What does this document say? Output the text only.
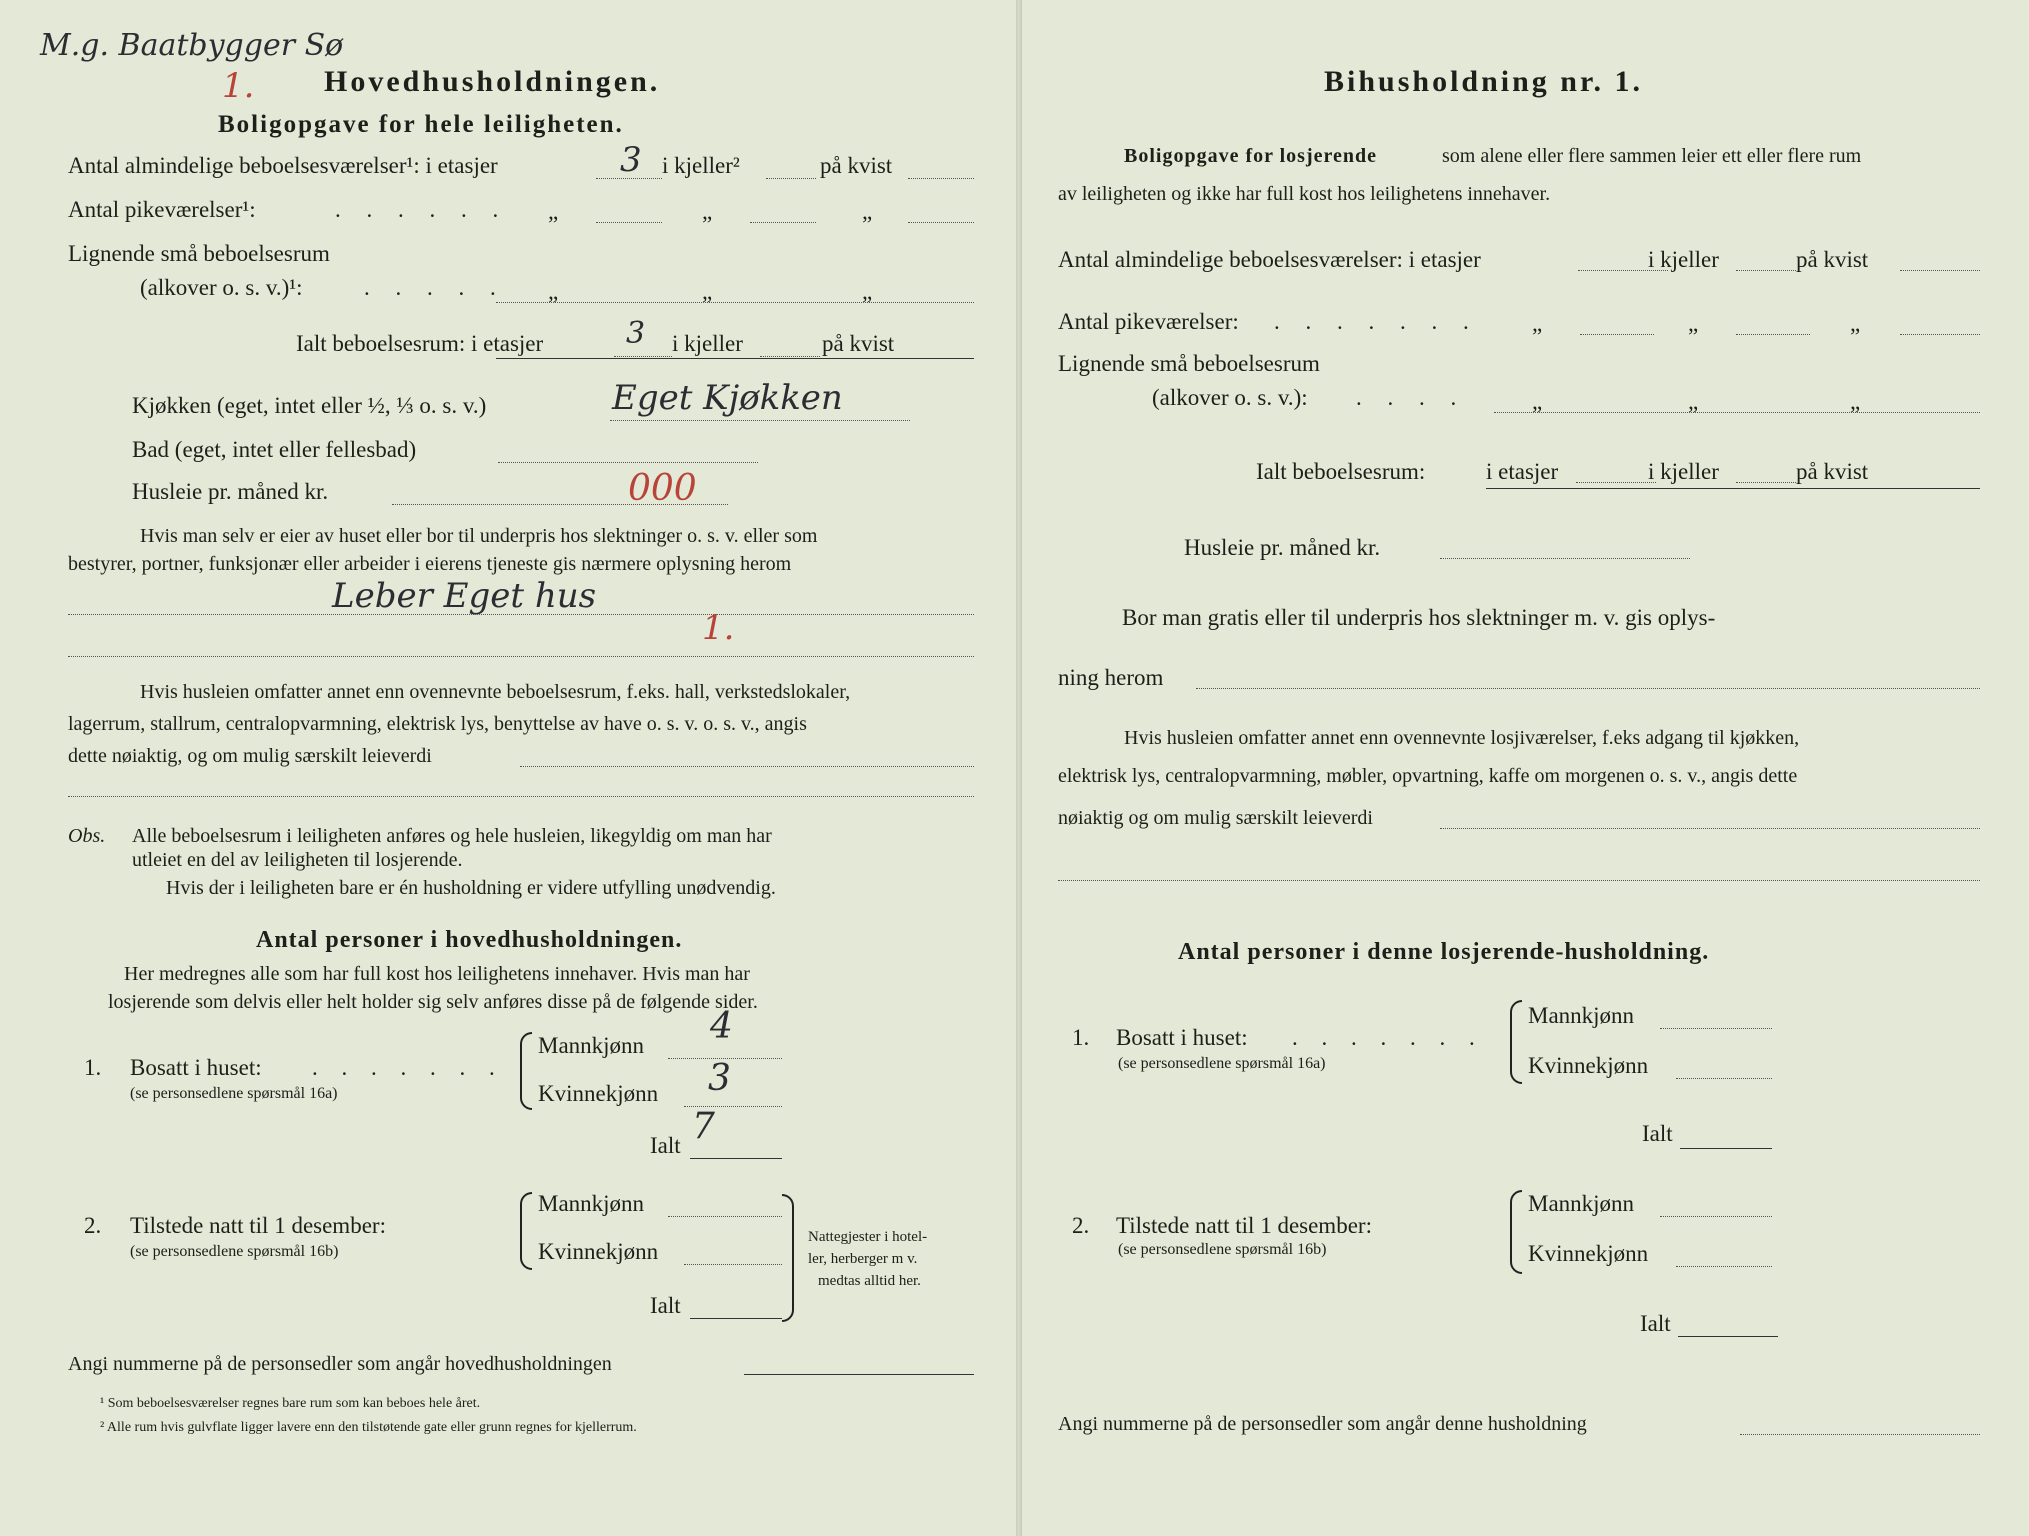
M.g. Baatbygger Sø
1. Hovedhusholdningen.
Boligopgave for hele leiligheten.
Antal almindelige beboelsesværelser¹: i etasjer	3 i kjeller²	på kvist
Antal pikeværelser¹:	. . . . . . „	„	„
Lignende små beboelsesrum
(alkover o. s. v.)¹:	. . . . . „	„	„
Ialt beboelsesrum: i etasjer	3 i kjeller	på kvist
Kjøkken (eget, intet eller ½, ⅓ o. s. v.)	Eget Kjøkken
Bad (eget, intet eller fellesbad)
Husleie pr. måned kr.	000
Hvis man selv er eier av huset eller bor til underpris hos slektninger o. s. v. eller som
bestyrer, portner, funksjonær eller arbeider i eierens tjeneste gis nærmere oplysning herom
Leber Eget hus
1.
Hvis husleien omfatter annet enn ovennevnte beboelsesrum, f.eks. hall, verkstedslokaler,
lagerrum, stallrum, centralopvarmning, elektrisk lys, benyttelse av have o. s. v. o. s. v., angis
dette nøiaktig, og om mulig særskilt leieverdi
Obs. Alle beboelsesrum i leiligheten anføres og hele husleien, likegyldig om man har
utleiet en del av leiligheten til losjerende.
Hvis der i leiligheten bare er én husholdning er videre utfylling unødvendig.
Antal personer i hovedhusholdningen.
Her medregnes alle som har full kost hos leilighetens innehaver. Hvis man har
losjerende som delvis eller helt holder sig selv anføres disse på de følgende sider.
1. Bosatt i huset: . . . . . . .
(se personsedlene spørsmål 16a)
Mannkjønn 4
Kvinnekjønn 3
Ialt 7
2. Tilstede natt til 1 desember:
(se personsedlene spørsmål 16b)
Mannkjønn
Kvinnekjønn
Ialt
Nattegjester i hotel-
ler, herberger m v.
medtas alltid her.
Angi nummerne på de personsedler som angår hovedhusholdningen
¹ Som beboelsesværelser regnes bare rum som kan beboes hele året.
² Alle rum hvis gulvflate ligger lavere enn den tilstøtende gate eller grunn regnes for kjellerrum.
Bihusholdning nr. 1.
Boligopgave for losjerende	som alene eller flere sammen leier ett eller flere rum
av leiligheten og ikke har full kost hos leilighetens innehaver.
Antal almindelige beboelsesværelser: i etasjer	i kjeller	på kvist
Antal pikeværelser: . . . . . . . „	„	„
Lignende små beboelsesrum
(alkover o. s. v.): . . . .	„	„	„
Ialt beboelsesrum:	i etasjer	i kjeller	på kvist
Husleie pr. måned kr.
Bor man gratis eller til underpris hos slektninger m. v. gis oplys-
ning herom
Hvis husleien omfatter annet enn ovennevnte losjiværelser, f.eks adgang til kjøkken,
elektrisk lys, centralopvarmning, møbler, opvartning, kaffe om morgenen o. s. v., angis dette
nøiaktig og om mulig særskilt leieverdi
Antal personer i denne losjerende-husholdning.
1. Bosatt i huset: . . . . . . .
(se personsedlene spørsmål 16a)
Mannkjønn
Kvinnekjønn
Ialt
2. Tilstede natt til 1 desember:
(se personsedlene spørsmål 16b)
Mannkjønn
Kvinnekjønn
Ialt
Angi nummerne på de personsedler som angår denne husholdning
